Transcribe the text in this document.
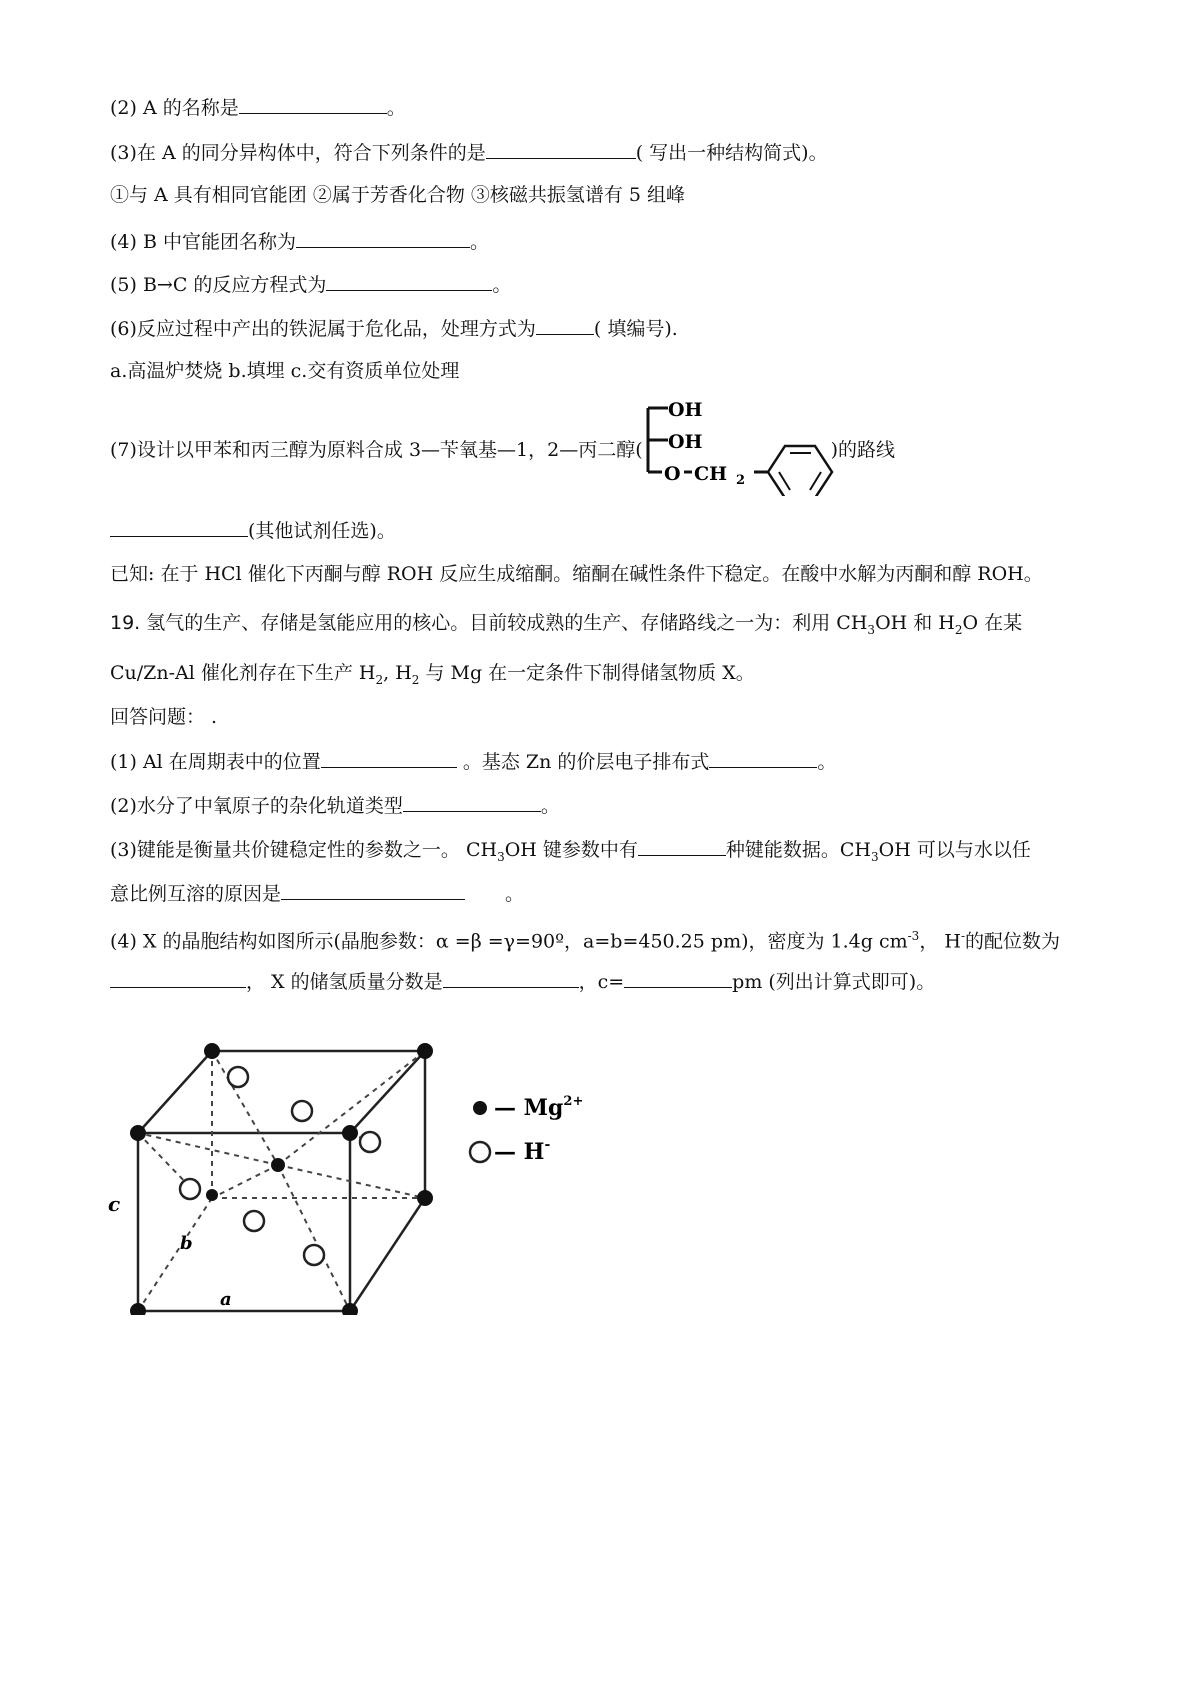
(2) A 的名称是	。
(3)在 A 的同分异构体中，符合下列条件的是	( 写出一种结构简式)。
①与 A 具有相同官能团 ②属于芳香化合物 ③核磁共振氢谱有 5 组峰
(4) B 中官能团名称为	。
(5) B→C 的反应方程式为	。
(6)反应过程中产出的铁泥属于危化品，处理方式为	( 填编号).
a.高温炉焚烧 b.填埋 c.交有资质单位处理
(7)设计以甲苯和丙三醇为原料合成 3—苄氧基—1，2—丙二醇(	)的路线
OH
OH
O CH 2
(其他试剂任选)。
已知: 在于 HCl 催化下丙酮与醇 ROH 反应生成缩酮。缩酮在碱性条件下稳定。在酸中水解为丙酮和醇 ROH。
19. 氢气的生产、存储是氢能应用的核心。目前较成熟的生产、存储路线之一为：利用 $CH_3OH$ 和 $H_2O$ 在某
Cu/Zn-Al 催化剂存在下生产 $H_2$, $H_2$ 与 Mg 在一定条件下制得储氢物质 X。
回答问题： .
(1) Al 在周期表中的位置	。基态 Zn 的价层电子排布式	。
(2)水分了中氧原子的杂化轨道类型	。
(3)键能是衡量共价键稳定性的参数之一。 $CH_3OH$ 键参数中有	种键能数据。$CH_3OH$ 可以与水以任
意比例互溶的原因是	。
(4) X 的晶胞结构如图所示(晶胞参数：α =β =γ=90º，a=b=450.25 pm)，密度为 1.4g $cm^{-3}$， H-的配位数为
， X 的储氢质量分数是	，c=	pm (列出计算式即可)。
c
b
a
— $Mg^{2+}$
— H-
